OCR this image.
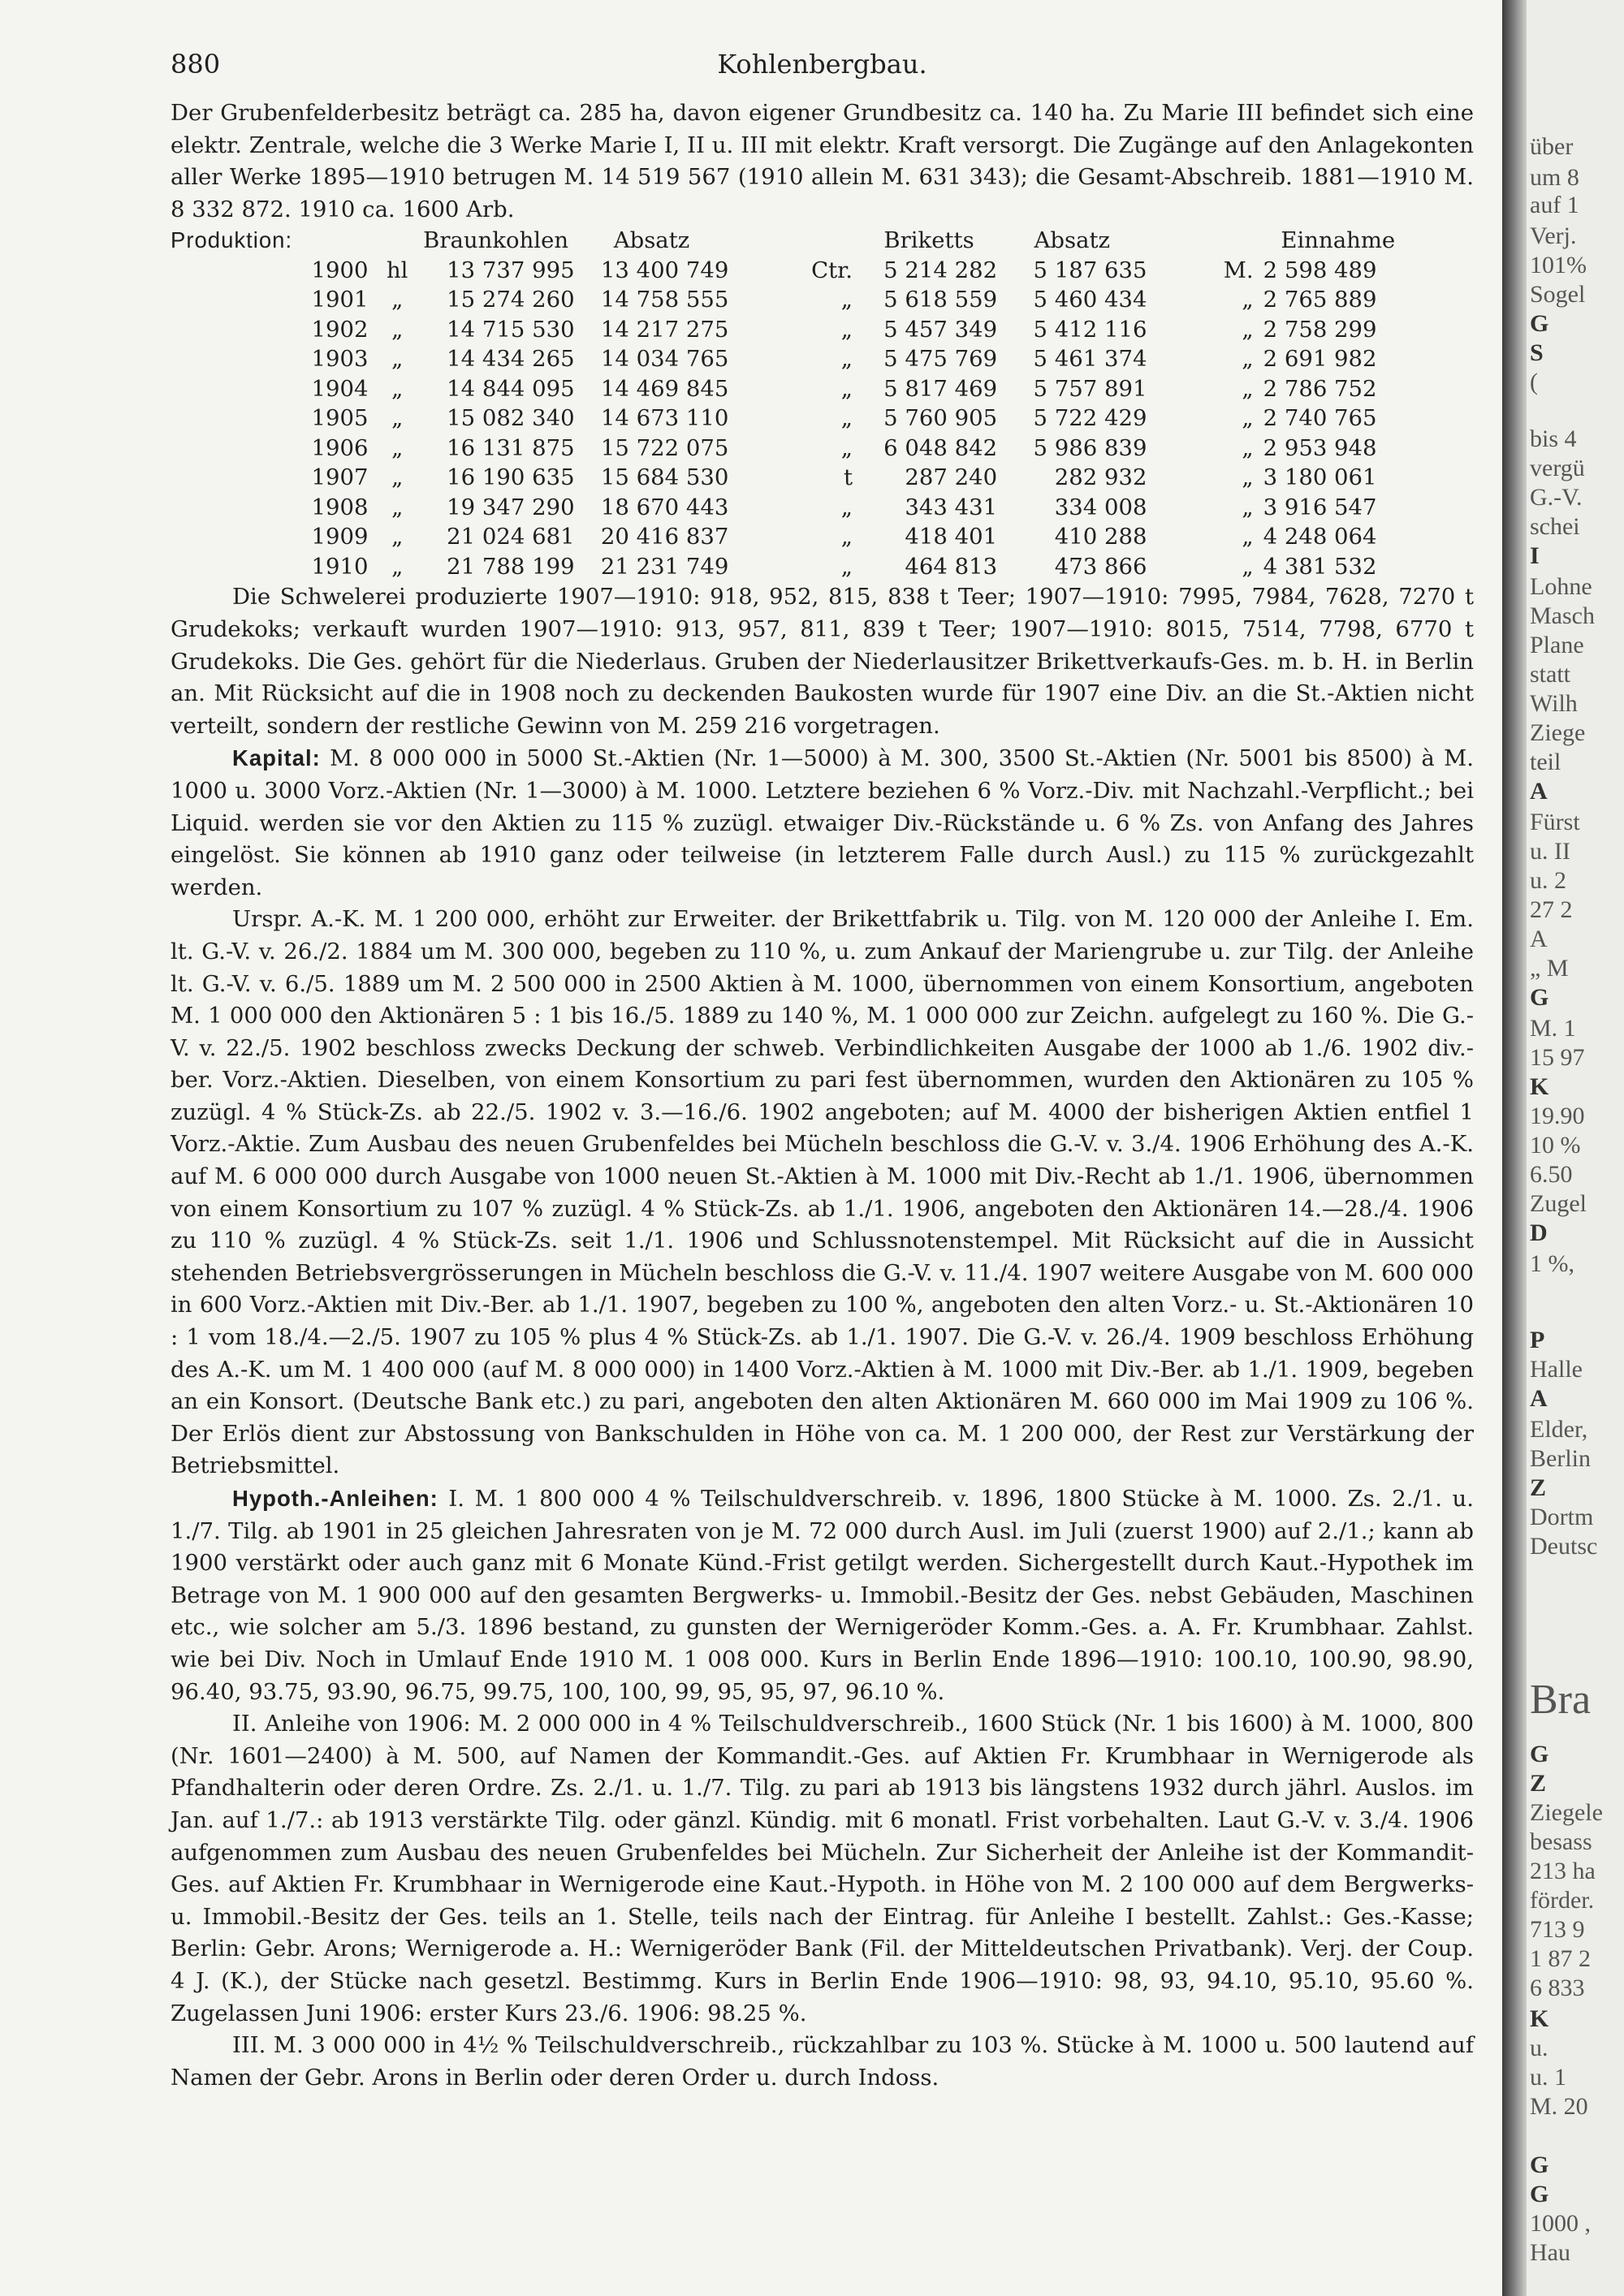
880	Kohlenbergbau.

Der Grubenfelderbesitz beträgt ca. 285 ha, davon eigener Grundbesitz ca. 140 ha. Zu Marie III befindet sich eine elektr. Zentrale, welche die 3 Werke Marie I, II u. III mit elektr. Kraft versorgt. Die Zugänge auf den Anlagekonten aller Werke 1895—1910 betrugen M. 14 519 567 (1910 allein M. 631 343); die Gesamt-Abschreib. 1881—1910 M. 8 332 872. 1910 ca. 1600 Arb.

Produktion:			Braunkohlen	Absatz		Briketts	Absatz		Einnahme
	1900	hl	13 737 995	13 400 749	Ctr.	5 214 282	5 187 635	M.	2 598 489
	1901	„	15 274 260	14 758 555	„	5 618 559	5 460 434	„	2 765 889
	1902	„	14 715 530	14 217 275	„	5 457 349	5 412 116	„	2 758 299
	1903	„	14 434 265	14 034 765	„	5 475 769	5 461 374	„	2 691 982
	1904	„	14 844 095	14 469 845	„	5 817 469	5 757 891	„	2 786 752
	1905	„	15 082 340	14 673 110	„	5 760 905	5 722 429	„	2 740 765
	1906	„	16 131 875	15 722 075	„	6 048 842	5 986 839	„	2 953 948
	1907	„	16 190 635	15 684 530	t	287 240	282 932	„	3 180 061
	1908	„	19 347 290	18 670 443	„	343 431	334 008	„	3 916 547
	1909	„	21 024 681	20 416 837	„	418 401	410 288	„	4 248 064
	1910	„	21 788 199	21 231 749	„	464 813	473 866	„	4 381 532

Die Schwelerei produzierte 1907—1910: 918, 952, 815, 838 t Teer; 1907—1910: 7995, 7984, 7628, 7270 t Grudekoks; verkauft wurden 1907—1910: 913, 957, 811, 839 t Teer; 1907—1910: 8015, 7514, 7798, 6770 t Grudekoks. Die Ges. gehört für die Niederlaus. Gruben der Niederlausitzer Brikettverkaufs-Ges. m. b. H. in Berlin an. Mit Rücksicht auf die in 1908 noch zu deckenden Baukosten wurde für 1907 eine Div. an die St.-Aktien nicht verteilt, sondern der restliche Gewinn von M. 259 216 vorgetragen.

Kapital: M. 8 000 000 in 5000 St.-Aktien (Nr. 1—5000) à M. 300, 3500 St.-Aktien (Nr. 5001 bis 8500) à M. 1000 u. 3000 Vorz.-Aktien (Nr. 1—3000) à M. 1000. Letztere beziehen 6 % Vorz.-Div. mit Nachzahl.-Verpflicht.; bei Liquid. werden sie vor den Aktien zu 115 % zuzügl. etwaiger Div.-Rückstände u. 6 % Zs. von Anfang des Jahres eingelöst. Sie können ab 1910 ganz oder teilweise (in letzterem Falle durch Ausl.) zu 115 % zurückgezahlt werden.

Urspr. A.-K. M. 1 200 000, erhöht zur Erweiter. der Brikettfabrik u. Tilg. von M. 120 000 der Anleihe I. Em. lt. G.-V. v. 26./2. 1884 um M. 300 000, begeben zu 110 %, u. zum Ankauf der Mariengrube u. zur Tilg. der Anleihe lt. G.-V. v. 6./5. 1889 um M. 2 500 000 in 2500 Aktien à M. 1000, übernommen von einem Konsortium, angeboten M. 1 000 000 den Aktionären 5 : 1 bis 16./5. 1889 zu 140 %, M. 1 000 000 zur Zeichn. aufgelegt zu 160 %. Die G.-V. v. 22./5. 1902 beschloss zwecks Deckung der schweb. Verbindlichkeiten Ausgabe der 1000 ab 1./6. 1902 div.-ber. Vorz.-Aktien. Dieselben, von einem Konsortium zu pari fest übernommen, wurden den Aktionären zu 105 % zuzügl. 4 % Stück-Zs. ab 22./5. 1902 v. 3.—16./6. 1902 angeboten; auf M. 4000 der bisherigen Aktien entfiel 1 Vorz.-Aktie. Zum Ausbau des neuen Grubenfeldes bei Mücheln beschloss die G.-V. v. 3./4. 1906 Erhöhung des A.-K. auf M. 6 000 000 durch Ausgabe von 1000 neuen St.-Aktien à M. 1000 mit Div.-Recht ab 1./1. 1906, übernommen von einem Konsortium zu 107 % zuzügl. 4 % Stück-Zs. ab 1./1. 1906, angeboten den Aktionären 14.—28./4. 1906 zu 110 % zuzügl. 4 % Stück-Zs. seit 1./1. 1906 und Schlussnotenstempel. Mit Rücksicht auf die in Aussicht stehenden Betriebsvergrösserungen in Mücheln beschloss die G.-V. v. 11./4. 1907 weitere Ausgabe von M. 600 000 in 600 Vorz.-Aktien mit Div.-Ber. ab 1./1. 1907, begeben zu 100 %, angeboten den alten Vorz.- u. St.-Aktionären 10 : 1 vom 18./4.—2./5. 1907 zu 105 % plus 4 % Stück-Zs. ab 1./1. 1907. Die G.-V. v. 26./4. 1909 beschloss Erhöhung des A.-K. um M. 1 400 000 (auf M. 8 000 000) in 1400 Vorz.-Aktien à M. 1000 mit Div.-Ber. ab 1./1. 1909, begeben an ein Konsort. (Deutsche Bank etc.) zu pari, angeboten den alten Aktionären M. 660 000 im Mai 1909 zu 106 %. Der Erlös dient zur Abstossung von Bankschulden in Höhe von ca. M. 1 200 000, der Rest zur Verstärkung der Betriebsmittel.

Hypoth.-Anleihen: I. M. 1 800 000 4 % Teilschuldverschreib. v. 1896, 1800 Stücke à M. 1000. Zs. 2./1. u. 1./7. Tilg. ab 1901 in 25 gleichen Jahresraten von je M. 72 000 durch Ausl. im Juli (zuerst 1900) auf 2./1.; kann ab 1900 verstärkt oder auch ganz mit 6 Monate Künd.-Frist getilgt werden. Sichergestellt durch Kaut.-Hypothek im Betrage von M. 1 900 000 auf den gesamten Bergwerks- u. Immobil.-Besitz der Ges. nebst Gebäuden, Maschinen etc., wie solcher am 5./3. 1896 bestand, zu gunsten der Wernigeröder Komm.-Ges. a. A. Fr. Krumbhaar. Zahlst. wie bei Div. Noch in Umlauf Ende 1910 M. 1 008 000. Kurs in Berlin Ende 1896—1910: 100.10, 100.90, 98.90, 96.40, 93.75, 93.90, 96.75, 99.75, 100, 100, 99, 95, 95, 97, 96.10 %.

II. Anleihe von 1906: M. 2 000 000 in 4 % Teilschuldverschreib., 1600 Stück (Nr. 1 bis 1600) à M. 1000, 800 (Nr. 1601—2400) à M. 500, auf Namen der Kommandit.-Ges. auf Aktien Fr. Krumbhaar in Wernigerode als Pfandhalterin oder deren Ordre. Zs. 2./1. u. 1./7. Tilg. zu pari ab 1913 bis längstens 1932 durch jährl. Auslos. im Jan. auf 1./7.: ab 1913 verstärkte Tilg. oder gänzl. Kündig. mit 6 monatl. Frist vorbehalten. Laut G.-V. v. 3./4. 1906 aufgenommen zum Ausbau des neuen Grubenfeldes bei Mücheln. Zur Sicherheit der Anleihe ist der Kommandit-Ges. auf Aktien Fr. Krumbhaar in Wernigerode eine Kaut.-Hypoth. in Höhe von M. 2 100 000 auf dem Bergwerks- u. Immobil.-Besitz der Ges. teils an 1. Stelle, teils nach der Eintrag. für Anleihe I bestellt. Zahlst.: Ges.-Kasse; Berlin: Gebr. Arons; Wernigerode a. H.: Wernigeröder Bank (Fil. der Mitteldeutschen Privatbank). Verj. der Coup. 4 J. (K.), der Stücke nach gesetzl. Bestimmg. Kurs in Berlin Ende 1906—1910: 98, 93, 94.10, 95.10, 95.60 %. Zugelassen Juni 1906: erster Kurs 23./6. 1906: 98.25 %.

III. M. 3 000 000 in 4½ % Teilschuldverschreib., rückzahlbar zu 103 %. Stücke à M. 1000 u. 500 lautend auf Namen der Gebr. Arons in Berlin oder deren Order u. durch Indoss.

über
um 8
auf 1
Verj.
101%
Sogel
G
S
(
bis 4
vergü
G.-V.
schei
I
Lohne
Masch
Plane
statt
Wilh
Ziege
teil
A
Fürst
u. II
u. 2
27 2
A
„ M
G
M. 1
15 97
K
19.90
10 %
6.50
Zugel
D
1 %,
P
Halle
A
Elder,
Berlin
Z
Dortm
Deutsc
Bra
G
Z
Ziegele
besass
213 ha
förder.
713 9
1 87 2
6 833
K
u.
u. 1
M. 20
G
G
1000 ,
Hau
